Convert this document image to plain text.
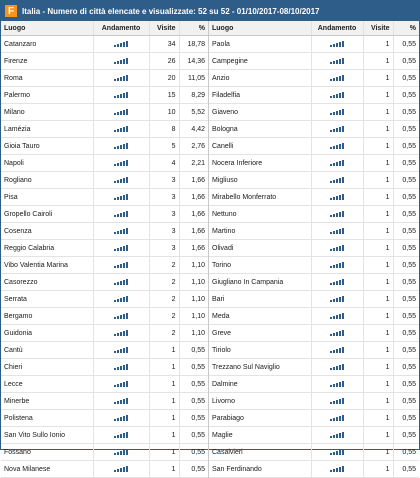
F Italia - Numero di città elencate e visualizzate: 52 su 52 - 01/10/2017-08/10/2017
Luogo	Andamento	Visite	%
Catanzaro		34	18,78
Firenze		26	14,36
Roma		20	11,05
Palermo		15	8,29
Milano		10	5,52
Lamézia		8	4,42
Gioia Tauro		5	2,76
Napoli		4	2,21
Rogliano		3	1,66
Pisa		3	1,66
Gropello Cairoli		3	1,66
Cosenza		3	1,66
Reggio Calabria		3	1,66
Vibo Valentia Marina		2	1,10
Casorezzo		2	1,10
Serrata		2	1,10
Bergamo		2	1,10
Guidonia		2	1,10
Cantù		1	0,55
Chieri		1	0,55
Lecce		1	0,55
Minerbe		1	0,55
Polistena		1	0,55
San Vito Sullo Ionio		1	0,55
Fossano		1	0,55
Nova Milanese		1	0,55
Luogo	Andamento	Visite	%
Paola		1	0,55
Campegine		1	0,55
Anzio		1	0,55
Filadelfia		1	0,55
Giaveno		1	0,55
Bologna		1	0,55
Canelli		1	0,55
Nocera Inferiore		1	0,55
Migliuso		1	0,55
Mirabello Monferrato		1	0,55
Nettuno		1	0,55
Martino		1	0,55
Olivadi		1	0,55
Torino		1	0,55
Giugliano In Campania		1	0,55
Bari		1	0,55
Meda		1	0,55
Greve		1	0,55
Tiriolo		1	0,55
Trezzano Sul Naviglio		1	0,55
Dalmine		1	0,55
Livorno		1	0,55
Parabiago		1	0,55
Maglie		1	0,55
Casalvieri		1	0,55
San Ferdinando		1	0,55
